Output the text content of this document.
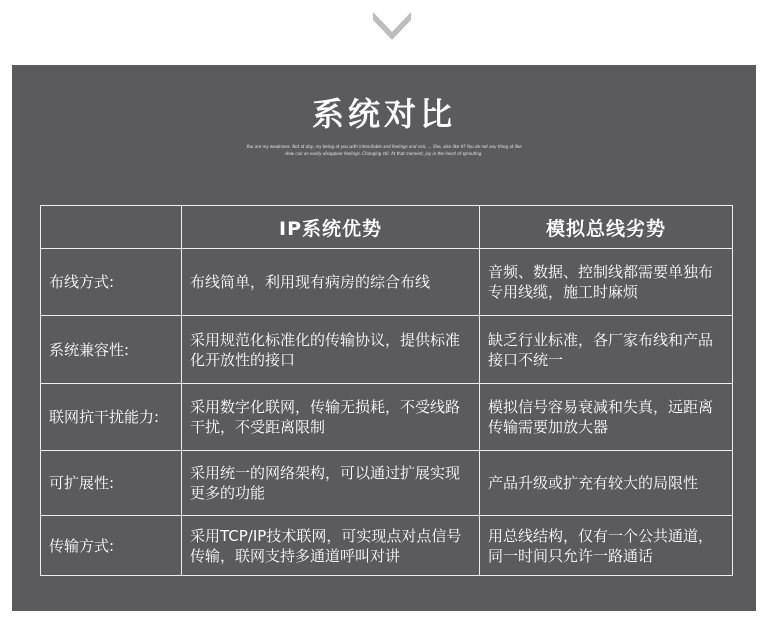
系统对比
You are my weakness. Not at day, my being at you with intemitable and feelings and sick, ... She, also like it? You do not any thing at like
How can an easily disappear feelings. Changing stil. At that moment, joy in the heart of sprouting.
	IP系统优势	模拟总线劣势
布线方式:	布线简单，利用现有病房的综合布线	音频、数据、控制线都需要单独布专用线缆，施工时麻烦
系统兼容性:	采用规范化标准化的传输协议，提供标准化开放性的接口	缺乏行业标准，各厂家布线和产品接口不统一
联网抗干扰能力:	采用数字化联网，传输无损耗，不受线路干扰，不受距离限制	模拟信号容易衰减和失真，远距离传输需要加放大器
可扩展性:	采用统一的网络架构，可以通过扩展实现更多的功能	产品升级或扩充有较大的局限性
传输方式:	采用TCP/IP技术联网，可实现点对点信号传输，联网支持多通道呼叫对讲	用总线结构，仅有一个公共通道，同一时间只允许一路通话
